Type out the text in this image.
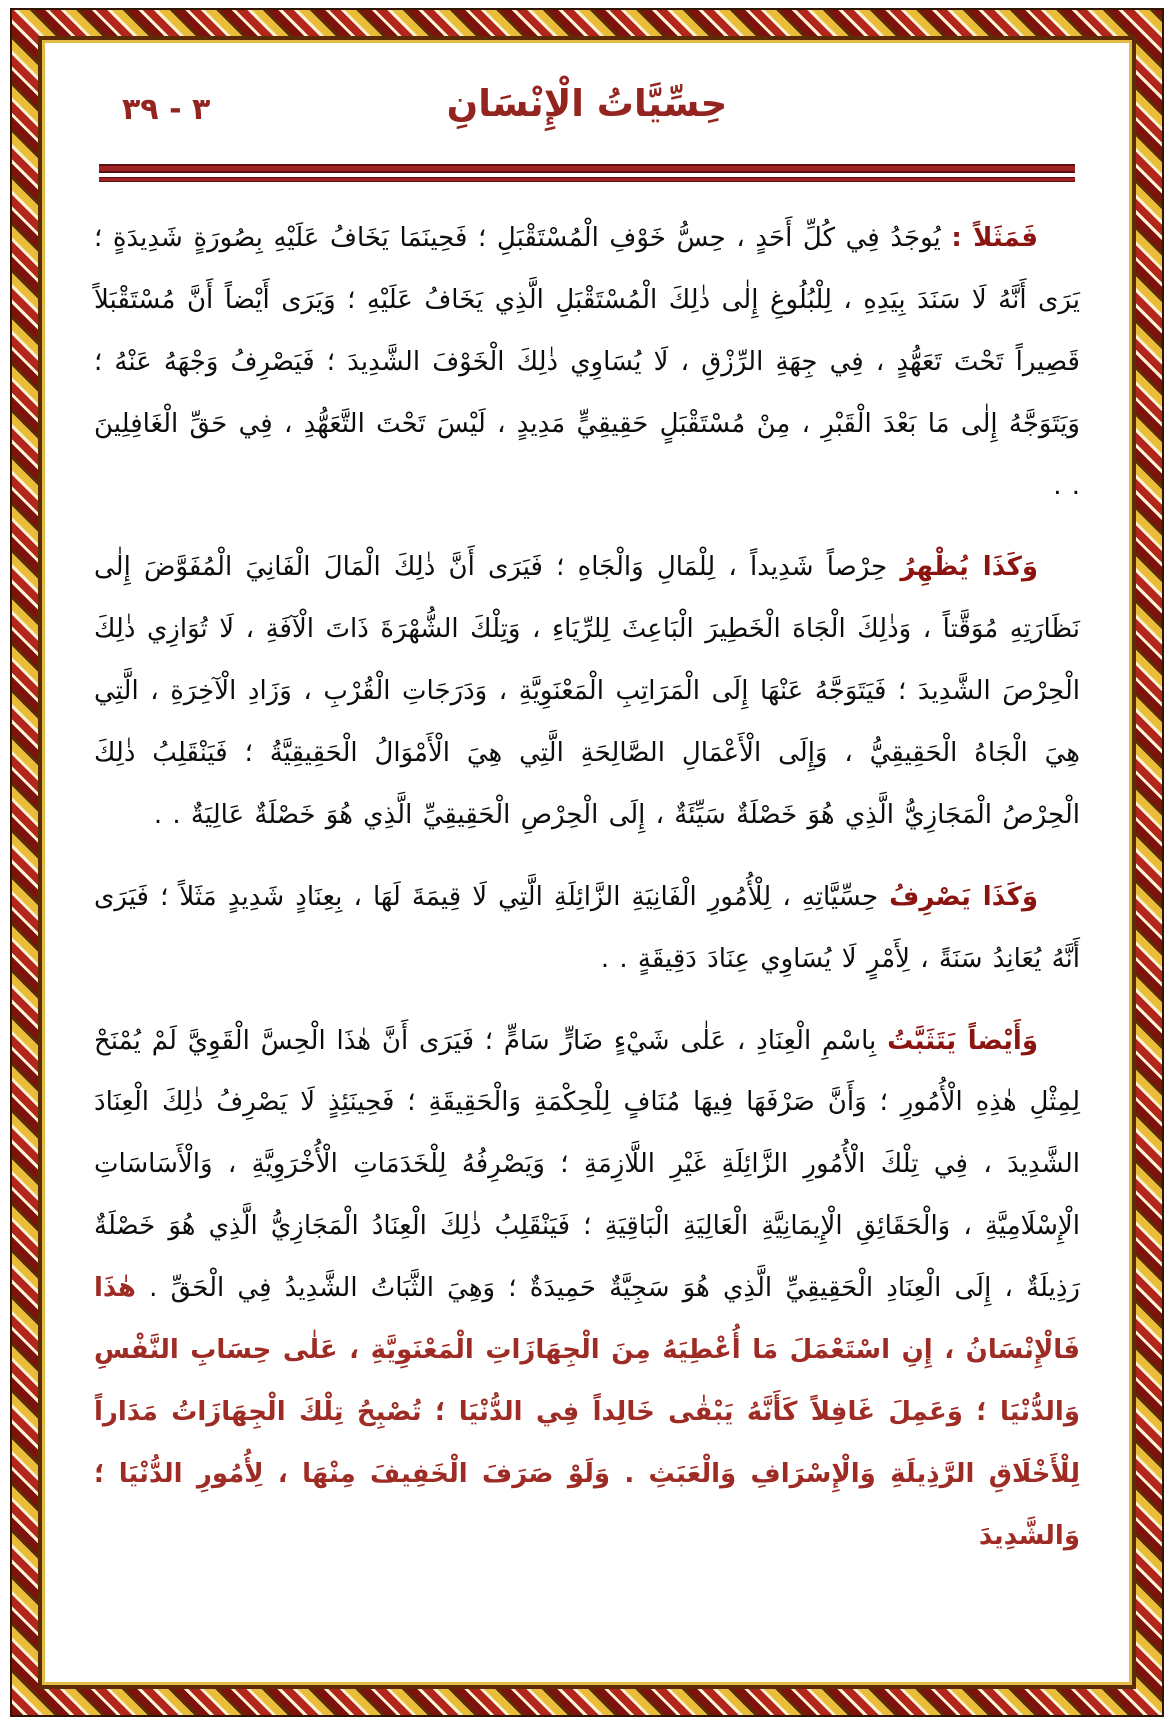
٣ - ٣٩	حِسِّيَّاتُ الْإِنْسَانِ

فَمَثَلاً : يُوجَدُ فِي كُلِّ أَحَدٍ ، حِسُّ خَوْفِ الْمُسْتَقْبَلِ ؛ فَحِينَمَا يَخَافُ عَلَيْهِ بِصُورَةٍ شَدِيدَةٍ ؛ يَرَى أَنَّهُ لَا سَنَدَ بِيَدِهِ ، لِلْبُلُوغِ إِلٰى ذٰلِكَ الْمُسْتَقْبَلِ الَّذِي يَخَافُ عَلَيْهِ ؛ وَيَرَى أَيْضاً أَنَّ مُسْتَقْبَلاً قَصِيراً تَحْتَ تَعَهُّدٍ ، فِي جِهَةِ الرِّزْقِ ، لَا يُسَاوِي ذٰلِكَ الْخَوْفَ الشَّدِيدَ ؛ فَيَصْرِفُ وَجْهَهُ عَنْهُ ؛ وَيَتَوَجَّهُ إِلٰى مَا بَعْدَ الْقَبْرِ ، مِنْ مُسْتَقْبَلٍ حَقِيقِيٍّ مَدِيدٍ ، لَيْسَ تَحْتَ التَّعَهُّدِ ، فِي حَقِّ الْغَافِلِينَ . .

وَكَذَا يُظْهِرُ حِرْصاً شَدِيداً ، لِلْمَالِ وَالْجَاهِ ؛ فَيَرَى أَنَّ ذٰلِكَ الْمَالَ الْفَانِيَ الْمُفَوَّضَ إِلٰى نَظَارَتِهِ مُوَقَّتاً ، وَذٰلِكَ الْجَاهَ الْخَطِيرَ الْبَاعِثَ لِلرِّيَاءِ ، وَتِلْكَ الشُّهْرَةَ ذَاتَ الْآفَةِ ، لَا تُوَازِي ذٰلِكَ الْحِرْصَ الشَّدِيدَ ؛ فَيَتَوَجَّهُ عَنْهَا إِلَى الْمَرَاتِبِ الْمَعْنَوِيَّةِ ، وَدَرَجَاتِ الْقُرْبِ ، وَزَادِ الْآخِرَةِ ، الَّتِي هِيَ الْجَاهُ الْحَقِيقِيُّ ، وَإِلَى الْأَعْمَالِ الصَّالِحَةِ الَّتِي هِيَ الْأَمْوَالُ الْحَقِيقِيَّةُ ؛ فَيَنْقَلِبُ ذٰلِكَ الْحِرْصُ الْمَجَازِيُّ الَّذِي هُوَ خَصْلَةٌ سَيِّئَةٌ ، إِلَى الْحِرْصِ الْحَقِيقِيِّ الَّذِي هُوَ خَصْلَةٌ عَالِيَةٌ . .

وَكَذَا يَصْرِفُ حِسِّيَّاتِهِ ، لِلْأُمُورِ الْفَانِيَةِ الزَّائِلَةِ الَّتِي لَا قِيمَةَ لَهَا ، بِعِنَادٍ شَدِيدٍ مَثَلاً ؛ فَيَرَى أَنَّهُ يُعَانِدُ سَنَةً ، لِأَمْرٍ لَا يُسَاوِي عِنَادَ دَقِيقَةٍ . .

وَأَيْضاً يَتَثَبَّتُ بِاسْمِ الْعِنَادِ ، عَلٰى شَيْءٍ ضَارٍّ سَامٍّ ؛ فَيَرَى أَنَّ هٰذَا الْحِسَّ الْقَوِيَّ لَمْ يُمْنَحْ لِمِثْلِ هٰذِهِ الْأُمُورِ ؛ وَأَنَّ صَرْفَهَا فِيهَا مُنَافٍ لِلْحِكْمَةِ وَالْحَقِيقَةِ ؛ فَحِينَئِذٍ لَا يَصْرِفُ ذٰلِكَ الْعِنَادَ الشَّدِيدَ ، فِي تِلْكَ الْأُمُورِ الزَّائِلَةِ غَيْرِ اللَّازِمَةِ ؛ وَيَصْرِفُهُ لِلْخَدَمَاتِ الْأُخْرَوِيَّةِ ، وَالْأَسَاسَاتِ الْإِسْلَامِيَّةِ ، وَالْحَقَائِقِ الْإِيمَانِيَّةِ الْعَالِيَةِ الْبَاقِيَةِ ؛ فَيَنْقَلِبُ ذٰلِكَ الْعِنَادُ الْمَجَازِيُّ الَّذِي هُوَ خَصْلَةٌ رَذِيلَةٌ ، إِلَى الْعِنَادِ الْحَقِيقِيِّ الَّذِي هُوَ سَجِيَّةٌ حَمِيدَةٌ ؛ وَهِيَ الثَّبَاتُ الشَّدِيدُ فِي الْحَقِّ . هٰذَا فَالْإِنْسَانُ ، إِنِ اسْتَعْمَلَ مَا أُعْطِيَهُ مِنَ الْجِهَازَاتِ الْمَعْنَوِيَّةِ ، عَلٰى حِسَابِ النَّفْسِ وَالدُّنْيَا ؛ وَعَمِلَ غَافِلاً كَأَنَّهُ يَبْقٰى خَالِداً فِي الدُّنْيَا ؛ تُصْبِحُ تِلْكَ الْجِهَازَاتُ مَدَاراً لِلْأَخْلَاقِ الرَّذِيلَةِ وَالْإِسْرَافِ وَالْعَبَثِ . وَلَوْ صَرَفَ الْخَفِيفَ مِنْهَا ، لِأُمُورِ الدُّنْيَا ؛ وَالشَّدِيدَ
